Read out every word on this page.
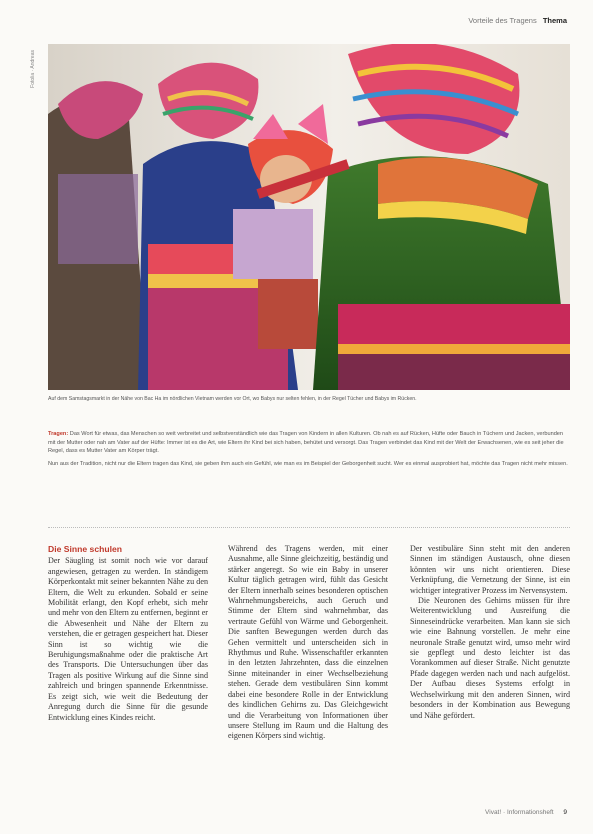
Vorteile des Tragens Thema
Fotolia · Andreas
Auf dem Samstagsmarkt in der Nähe von Bac Ha im nördlichen Vietnam werden vor Ort, wo Babys nur selten fehlen, in der Regel Tücher und Babys im Rücken.

Tragen: Das Wort für etwas, das Menschen so weit verbreitet und selbstverständlich wie das Tragen von Kindern in allen Kulturen. Ob nah es auf Rücken, Hüfte oder Bauch in Tüchern und Jacken, verbunden mit der Mutter oder nah am Vater auf der Hüfte: Immer ist es die Art, wie Eltern ihr Kind bei sich haben, behütet und versorgt. Das Tragen verbindet das Kind mit der Welt der Erwachsenen, wie es seit jeher die Regel, dass es Mutter Vater am Körper trägt.

Nun aus der Tradition, nicht nur die Eltern tragen das Kind, sie geben ihm auch ein Gefühl, wie man es im Beispiel der Geborgenheit sucht. Wer es einmal ausprobiert hat, möchte das Tragen nicht mehr missen.

Die Sinne schulen

Der Säugling ist somit noch wie vor darauf angewiesen, getragen zu werden. In ständigem Körperkontakt mit seiner bekannten Nähe zu den Eltern, die Welt zu erkunden. Sobald er seine Mobilität erlangt, den Kopf erhebt, sich mehr und mehr von den Eltern zu entfernen, beginnt er die Abwesenheit und Nähe der Eltern zu verstehen, die er getragen gespeichert hat. Dieser Sinn ist so wichtig wie die Beruhigungsmaßnahme oder die praktische Art des Transports. Die Untersuchungen über das Tragen als positive Wirkung auf die Sinne sind zahlreich und bringen spannende Erkenntnisse. Es zeigt sich, wie weit die Bedeutung der Anregung durch die Sinne für die gesunde Entwicklung eines Kindes reicht.

Während des Tragens werden, mit einer Ausnahme, alle Sinne gleichzeitig, beständig und stärker angeregt. So wie ein Baby in unserer Kultur täglich getragen wird, fühlt das Gesicht der Eltern innerhalb seines besonderen optischen Wahrnehmungsbereichs, auch Geruch und Stimme der Eltern sind wahrnehmbar, das vertraute Gefühl von Wärme und Geborgenheit. Die sanften Bewegungen werden durch das Gehen vermittelt und unterscheiden sich in Rhythmus und Ruhe. Wissenschaftler erkannten in den letzten Jahrzehnten, dass die einzelnen Sinne miteinander in einer Wechselbeziehung stehen. Gerade dem vestibulären Sinn kommt dabei eine besondere Rolle in der Entwicklung des kindlichen Gehirns zu. Das Gleichgewicht und die Verarbeitung von Informationen über unsere Stellung im Raum und die Haltung des eigenen Körpers sind wichtig.

Der vestibuläre Sinn steht mit den anderen Sinnen im ständigen Austausch, ohne diesen könnten wir uns nicht orientieren. Diese Verknüpfung, die Vernetzung der Sinne, ist ein wichtiger integrativer Prozess im Nervensystem.

Die Neuronen des Gehirns müssen für ihre Weiterentwicklung und Ausreifung die Sinneseindrücke verarbeiten. Man kann sie sich wie eine Bahnung vorstellen. Je mehr eine neuronale Straße genutzt wird, umso mehr wird sie gepflegt und desto leichter ist das Vorankommen auf dieser Straße. Nicht genutzte Pfade dagegen werden nach und nach aufgelöst. Der Aufbau dieses Systems erfolgt in Wechselwirkung mit den anderen Sinnen, wird besonders in der Kombination aus Bewegung und Nähe gefördert.

Vivat! · Informationsheft 9
